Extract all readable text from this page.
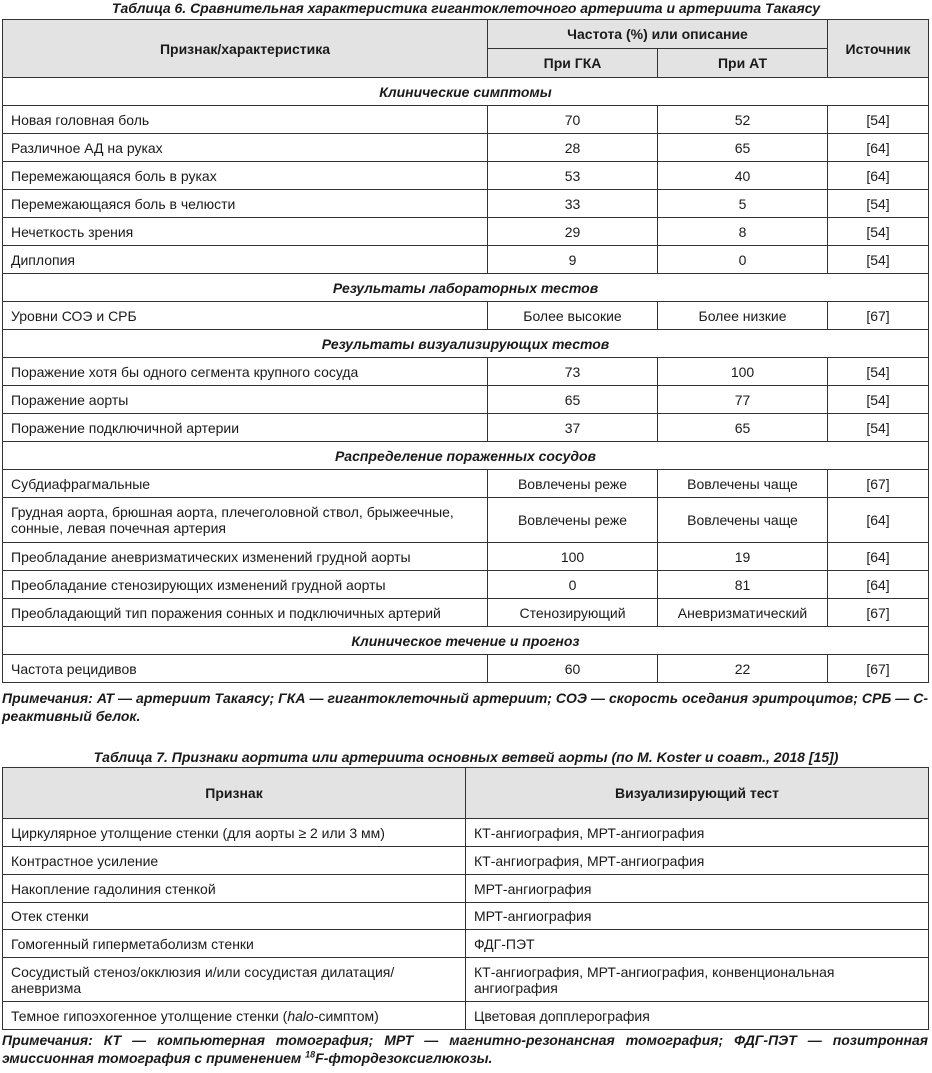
Таблица 6. Сравнительная характеристика гигантоклеточного артериита и артериита Такаясу
Признак/характеристика	Частота (%) или описание		Источник
	При ГКА	При АТ	
Клинические симптомы			
Новая головная боль	70	52	[54]
Различное АД на руках	28	65	[64]
Перемежающаяся боль в руках	53	40	[64]
Перемежающаяся боль в челюсти	33	5	[54]
Нечеткость зрения	29	8	[54]
Диплопия	9	0	[54]
Результаты лабораторных тестов			
Уровни СОЭ и СРБ	Более высокие	Более низкие	[67]
Результаты визуализирующих тестов			
Поражение хотя бы одного сегмента крупного сосуда	73	100	[54]
Поражение аорты	65	77	[54]
Поражение подключичной артерии	37	65	[54]
Распределение пораженных сосудов			
Субдиафрагмальные	Вовлечены реже	Вовлечены чаще	[67]
Грудная аорта, брюшная аорта, плечеголовной ствол, брыжеечные, сонные, левая почечная артерия	Вовлечены реже	Вовлечены чаще	[64]
Преобладание аневризматических изменений грудной аорты	100	19	[64]
Преобладание стенозирующих изменений грудной аорты	0	81	[64]
Преобладающий тип поражения сонных и подключичных артерий	Стенозирующий	Аневризматический	[67]
Клиническое течение и прогноз			
Частота рецидивов	60	22	[67]
Примечания: АТ — артериит Такаясу; ГКА — гигантоклеточный артериит; СОЭ — скорость оседания эритроцитов; СРБ — С-реактивный белок.
Таблица 7. Признаки аортита или артериита основных ветвей аорты (по M. Koster и соавт., 2018 [15])
Признак	Визуализирующий тест
Циркулярное утолщение стенки (для аорты ≥ 2 или 3 мм)	КТ-ангиография, МРТ-ангиография
Контрастное усиление	КТ-ангиография, МРТ-ангиография
Накопление гадолиния стенкой	МРТ-ангиография
Отек стенки	МРТ-ангиография
Гомогенный гиперметаболизм стенки	ФДГ-ПЭТ
Сосудистый стеноз/окклюзия и/или сосудистая дилатация/аневризма	КТ-ангиография, МРТ-ангиография, конвенциональная ангиография
Темное гипоэхогенное утолщение стенки (halo-симптом)	Цветовая допплерография
Примечания: КТ — компьютерная томография; МРТ — магнитно-резонансная томография; ФДГ-ПЭТ — позитронная эмиссионная томография с применением $^{18}$F-фтордезоксиглюкозы.
